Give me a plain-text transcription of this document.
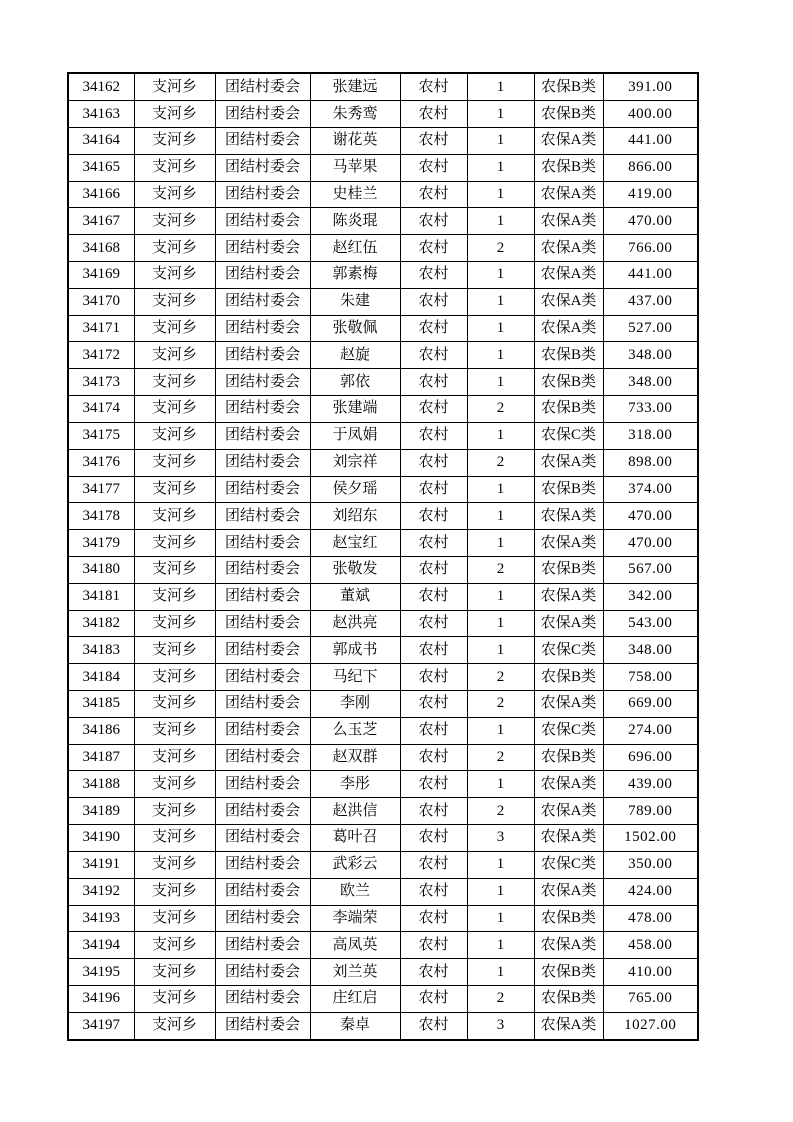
34162	支河乡	团结村委会	张建远	农村	1	农保B类	391.00
34163	支河乡	团结村委会	朱秀鸾	农村	1	农保B类	400.00
34164	支河乡	团结村委会	谢花英	农村	1	农保A类	441.00
34165	支河乡	团结村委会	马苹果	农村	1	农保B类	866.00
34166	支河乡	团结村委会	史桂兰	农村	1	农保A类	419.00
34167	支河乡	团结村委会	陈炎琨	农村	1	农保A类	470.00
34168	支河乡	团结村委会	赵红伍	农村	2	农保A类	766.00
34169	支河乡	团结村委会	郭素梅	农村	1	农保A类	441.00
34170	支河乡	团结村委会	朱建	农村	1	农保A类	437.00
34171	支河乡	团结村委会	张敬佩	农村	1	农保A类	527.00
34172	支河乡	团结村委会	赵旋	农村	1	农保B类	348.00
34173	支河乡	团结村委会	郭依	农村	1	农保B类	348.00
34174	支河乡	团结村委会	张建端	农村	2	农保B类	733.00
34175	支河乡	团结村委会	于凤娟	农村	1	农保C类	318.00
34176	支河乡	团结村委会	刘宗祥	农村	2	农保A类	898.00
34177	支河乡	团结村委会	侯夕瑶	农村	1	农保B类	374.00
34178	支河乡	团结村委会	刘绍东	农村	1	农保A类	470.00
34179	支河乡	团结村委会	赵宝红	农村	1	农保A类	470.00
34180	支河乡	团结村委会	张敬发	农村	2	农保B类	567.00
34181	支河乡	团结村委会	董斌	农村	1	农保A类	342.00
34182	支河乡	团结村委会	赵洪亮	农村	1	农保A类	543.00
34183	支河乡	团结村委会	郭成书	农村	1	农保C类	348.00
34184	支河乡	团结村委会	马纪下	农村	2	农保B类	758.00
34185	支河乡	团结村委会	李刚	农村	2	农保A类	669.00
34186	支河乡	团结村委会	么玉芝	农村	1	农保C类	274.00
34187	支河乡	团结村委会	赵双群	农村	2	农保B类	696.00
34188	支河乡	团结村委会	李彤	农村	1	农保A类	439.00
34189	支河乡	团结村委会	赵洪信	农村	2	农保A类	789.00
34190	支河乡	团结村委会	葛叶召	农村	3	农保A类	1502.00
34191	支河乡	团结村委会	武彩云	农村	1	农保C类	350.00
34192	支河乡	团结村委会	欧兰	农村	1	农保A类	424.00
34193	支河乡	团结村委会	李端荣	农村	1	农保B类	478.00
34194	支河乡	团结村委会	高凤英	农村	1	农保A类	458.00
34195	支河乡	团结村委会	刘兰英	农村	1	农保B类	410.00
34196	支河乡	团结村委会	庄红启	农村	2	农保B类	765.00
34197	支河乡	团结村委会	秦卓	农村	3	农保A类	1027.00
